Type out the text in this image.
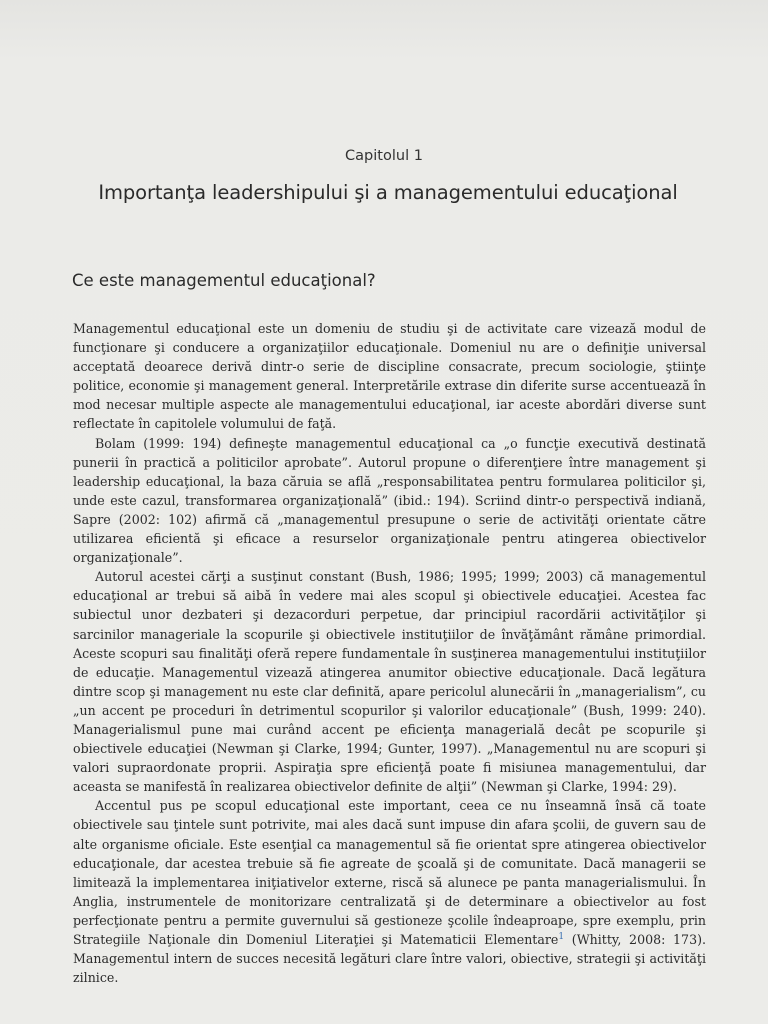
Capitolul 1
Importanţa leadershipului şi a managementului educaţional
Ce este managementul educaţional?

Managementul educaţional este un domeniu de studiu şi de activitate care vizează modul de funcţionare şi conducere a organizaţiilor educaţionale. Domeniul nu are o definiţie universal acceptată deoarece derivă dintr-o serie de discipline consacrate, precum sociologie, ştiinţe politice, economie şi management general. Interpretările extrase din diferite surse accentuează în mod necesar multiple aspecte ale managementului educaţional, iar aceste abordări diverse sunt reflectate în capitolele volumului de faţă.

Bolam (1999: 194) defineşte managementul educaţional ca „o funcţie executivă destinată punerii în practică a politicilor aprobate”. Autorul propune o diferenţiere între management şi leadership educaţional, la baza căruia se află „responsabilitatea pentru formularea politicilor şi, unde este cazul, transformarea organizaţională” (ibid.: 194). Scriind dintr-o perspectivă indiană, Sapre (2002: 102) afirmă că „managementul presupune o serie de activităţi orientate către utilizarea eficientă şi eficace a resurselor organizaţionale pentru atingerea obiectivelor organizaţionale”.

Autorul acestei cărţi a susţinut constant (Bush, 1986; 1995; 1999; 2003) că managementul educaţional ar trebui să aibă în vedere mai ales scopul şi obiectivele educaţiei. Acestea fac subiectul unor dezbateri şi dezacorduri perpetue, dar principiul racordării activităţilor şi sarcinilor manageriale la scopurile şi obiectivele instituţiilor de învăţământ rămâne primordial. Aceste scopuri sau finalităţi oferă repere fundamentale în susţinerea managementului instituţiilor de educaţie. Managementul vizează atingerea anumitor obiective educaţionale. Dacă legătura dintre scop şi management nu este clar definită, apare pericolul alunecării în „managerialism”, cu „un accent pe proceduri în detrimentul scopurilor şi valorilor educaţionale” (Bush, 1999: 240). Managerialismul pune mai curând accent pe eficienţa managerială decât pe scopurile şi obiectivele educaţiei (Newman şi Clarke, 1994; Gunter, 1997). „Managementul nu are scopuri şi valori supraordonate proprii. Aspiraţia spre eficienţă poate fi misiunea managementului, dar aceasta se manifestă în realizarea obiectivelor definite de alţii” (Newman şi Clarke, 1994: 29).

Accentul pus pe scopul educaţional este important, ceea ce nu înseamnă însă că toate obiectivele sau ţintele sunt potrivite, mai ales dacă sunt impuse din afara şcolii, de guvern sau de alte organisme oficiale. Este esenţial ca managementul să fie orientat spre atingerea obiectivelor educaţionale, dar acestea trebuie să fie agreate de şcoală şi de comunitate. Dacă managerii se limitează la implementarea iniţiativelor externe, riscă să alunece pe panta managerialismului. În Anglia, instrumentele de monitorizare centralizată şi de determinare a obiectivelor au fost perfecţionate pentru a permite guvernului să gestioneze şcolile îndeaproape, spre exemplu, prin Strategiile Naţionale din Domeniul Literaţiei şi Matematicii Elementare$^1$ (Whitty, 2008: 173). Managementul intern de succes necesită legături clare între valori, obiective, strategii şi activităţi zilnice.
